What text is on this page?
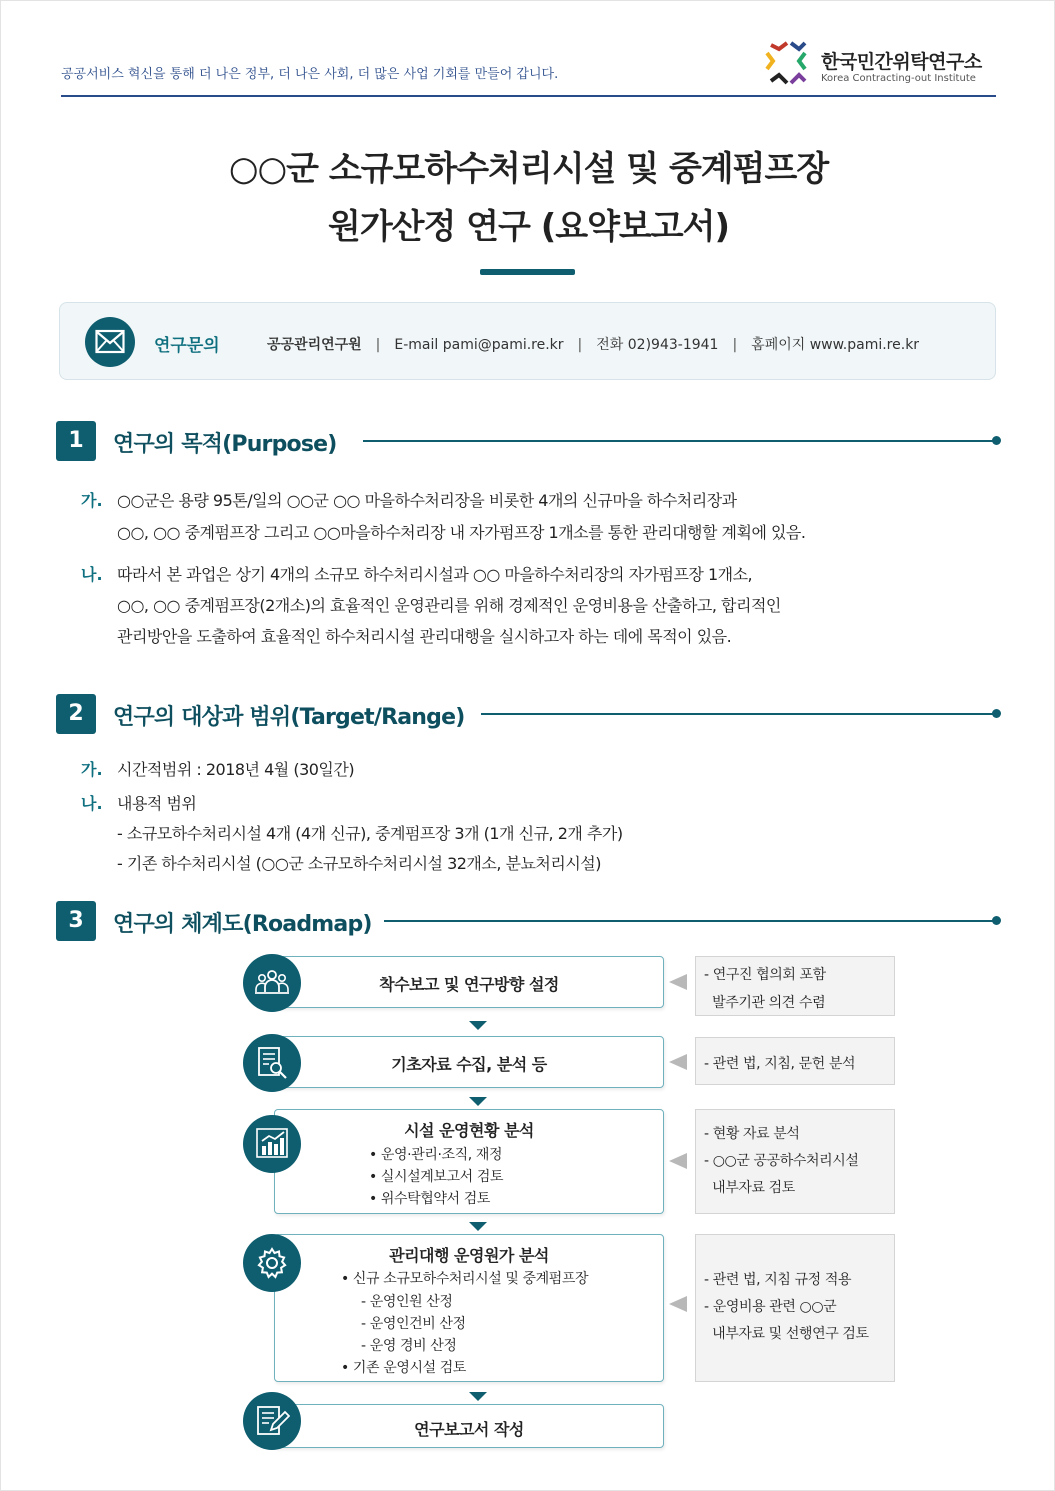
공공서비스 혁신을 통해 더 나은 정부, 더 나은 사회, 더 많은 사업 기회를 만들어 갑니다.
한국민간위탁연구소
Korea Contracting-out Institute
○○군 소규모하수처리시설 및 중계펌프장
원가산정 연구 (요약보고서)
연구문의	공공관리연구원 | E-mail pami@pami.re.kr | 전화 02)943-1941 | 홈페이지 www.pami.re.kr
1	연구의 목적(Purpose)
가. ○○군은 용량 95톤/일의 ○○군 ○○ 마을하수처리장을 비롯한 4개의 신규마을 하수처리장과
○○, ○○ 중계펌프장 그리고 ○○마을하수처리장 내 자가펌프장 1개소를 통한 관리대행할 계획에 있음.
나. 따라서 본 과업은 상기 4개의 소규모 하수처리시설과 ○○ 마을하수처리장의 자가펌프장 1개소,
○○, ○○ 중계펌프장(2개소)의 효율적인 운영관리를 위해 경제적인 운영비용을 산출하고, 합리적인
관리방안을 도출하여 효율적인 하수처리시설 관리대행을 실시하고자 하는 데에 목적이 있음.
2	연구의 대상과 범위(Target/Range)
가. 시간적범위 : 2018년 4월 (30일간)
나. 내용적 범위
- 소규모하수처리시설 4개 (4개 신규), 중계펌프장 3개 (1개 신규, 2개 추가)
- 기존 하수처리시설 (○○군 소규모하수처리시설 32개소, 분뇨처리시설)
3	연구의 체계도(Roadmap)
착수보고 및 연구방향 설정	- 연구진 협의회 포함
발주기관 의견 수렴
기초자료 수집, 분석 등	- 관련 법, 지침, 문헌 분석
시설 운영현황 분석
• 운영·관리·조직, 재정
• 실시설계보고서 검토
• 위수탁협약서 검토
- 현황 자료 분석
- ○○군 공공하수처리시설
내부자료 검토
관리대행 운영원가 분석
• 신규 소규모하수처리시설 및 중계펌프장
- 운영인원 산정
- 운영인건비 산정
- 운영 경비 산정
• 기존 운영시설 검토
- 관련 법, 지침 규정 적용
- 운영비용 관련 ○○군
내부자료 및 선행연구 검토
연구보고서 작성
